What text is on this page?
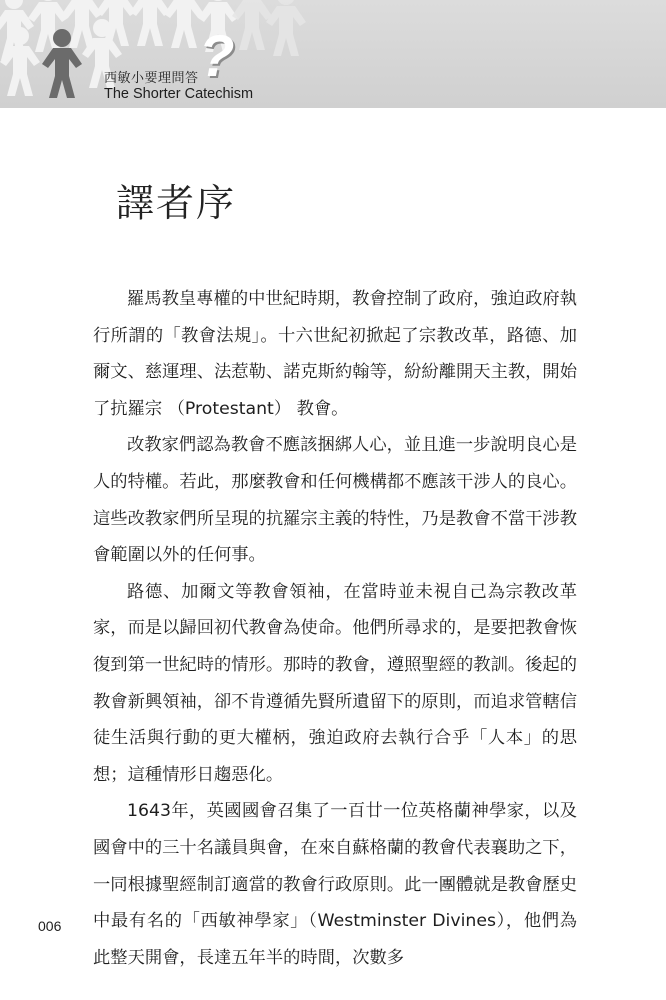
?
西敏小要理問答
The Shorter Catechism
譯者序

羅馬教皇專權的中世紀時期，教會控制了政府，強迫政府執行所謂的「教會法規」。十六世紀初掀起了宗教改革，路德、加爾文、慈運理、法惹勒、諾克斯約翰等，紛紛離開天主教，開始了抗羅宗 （Protestant） 教會。

改教家們認為教會不應該捆綁人心，並且進一步說明良心是人的特權。若此，那麼教會和任何機構都不應該干涉人的良心。這些改教家們所呈現的抗羅宗主義的特性，乃是教會不當干涉教會範圍以外的任何事。

路德、加爾文等教會領袖，在當時並未視自己為宗教改革家，而是以歸回初代教會為使命。他們所尋求的，是要把教會恢復到第一世紀時的情形。那時的教會，遵照聖經的教訓。後起的教會新興領袖，卻不肯遵循先賢所遺留下的原則，而追求管轄信徒生活與行動的更大權柄，強迫政府去執行合乎「人本」的思想；這種情形日趨惡化。

1643年，英國國會召集了一百廿一位英格蘭神學家，以及國會中的三十名議員與會，在來自蘇格蘭的教會代表襄助之下，一同根據聖經制訂適當的教會行政原則。此一團體就是教會歷史中最有名的「西敏神學家」（Westminster Divines），他們為此整天開會，長達五年半的時間，次數多

006
